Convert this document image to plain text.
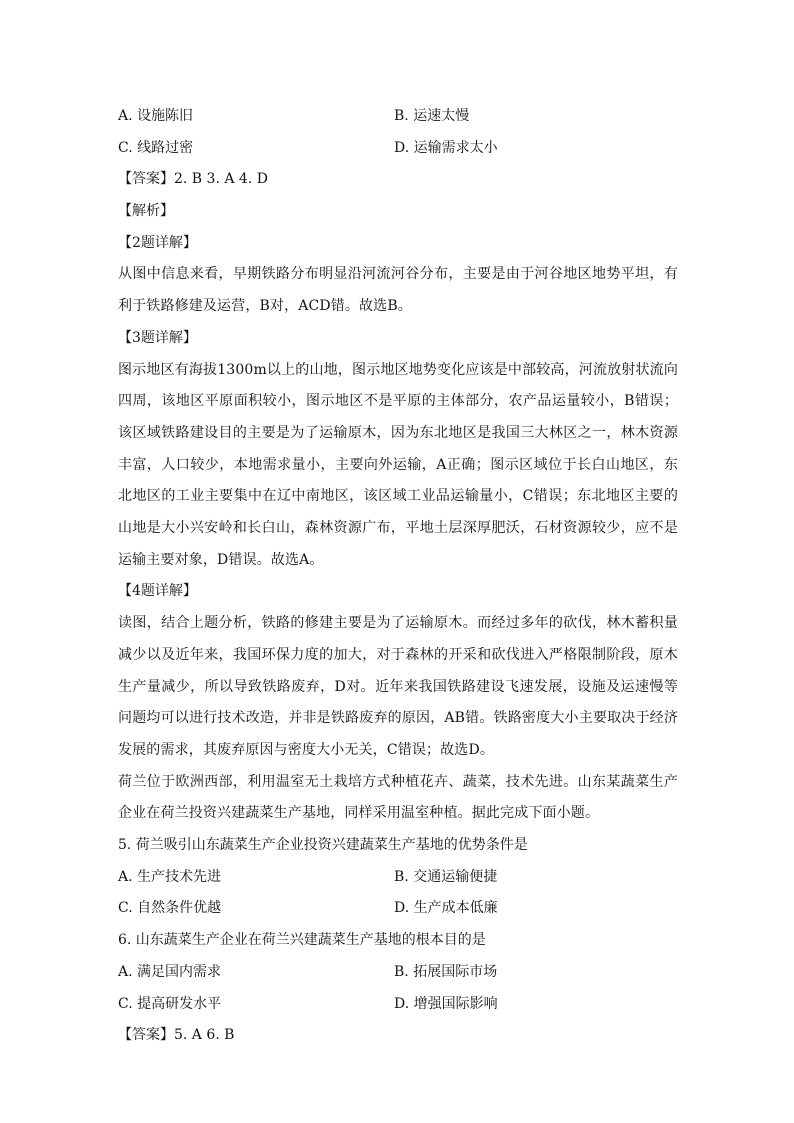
A. 设施陈旧	B. 运速太慢
C. 线路过密	D. 运输需求太小
【答案】2. B 3. A 4. D
【解析】
【2题详解】
从图中信息来看，早期铁路分布明显沿河流河谷分布，主要是由于河谷地区地势平坦，有利于铁路修建及运营，B对，ACD错。故选B。
【3题详解】
图示地区有海拔1300m以上的山地，图示地区地势变化应该是中部较高，河流放射状流向四周，该地区平原面积较小，图示地区不是平原的主体部分，农产品运量较小，B错误；该区域铁路建设目的主要是为了运输原木，因为东北地区是我国三大林区之一，林木资源丰富，人口较少，本地需求量小，主要向外运输，A正确；图示区域位于长白山地区，东北地区的工业主要集中在辽中南地区，该区域工业品运输量小，C错误；东北地区主要的山地是大小兴安岭和长白山，森林资源广布，平地土层深厚肥沃，石材资源较少，应不是运输主要对象，D错误。故选A。
【4题详解】
读图，结合上题分析，铁路的修建主要是为了运输原木。而经过多年的砍伐，林木蓄积量减少以及近年来，我国环保力度的加大，对于森林的开采和砍伐进入严格限制阶段，原木生产量减少，所以导致铁路废弃，D对。近年来我国铁路建设飞速发展，设施及运速慢等问题均可以进行技术改造，并非是铁路废弃的原因，AB错。铁路密度大小主要取决于经济发展的需求，其废弃原因与密度大小无关，C错误；故选D。
荷兰位于欧洲西部，利用温室无土栽培方式种植花卉、蔬菜，技术先进。山东某蔬菜生产企业在荷兰投资兴建蔬菜生产基地，同样采用温室种植。据此完成下面小题。
5. 荷兰吸引山东蔬菜生产企业投资兴建蔬菜生产基地的优势条件是
A. 生产技术先进	B. 交通运输便捷
C. 自然条件优越	D. 生产成本低廉
6. 山东蔬菜生产企业在荷兰兴建蔬菜生产基地的根本目的是
A. 满足国内需求	B. 拓展国际市场
C. 提高研发水平	D. 增强国际影响
【答案】5. A 6. B
